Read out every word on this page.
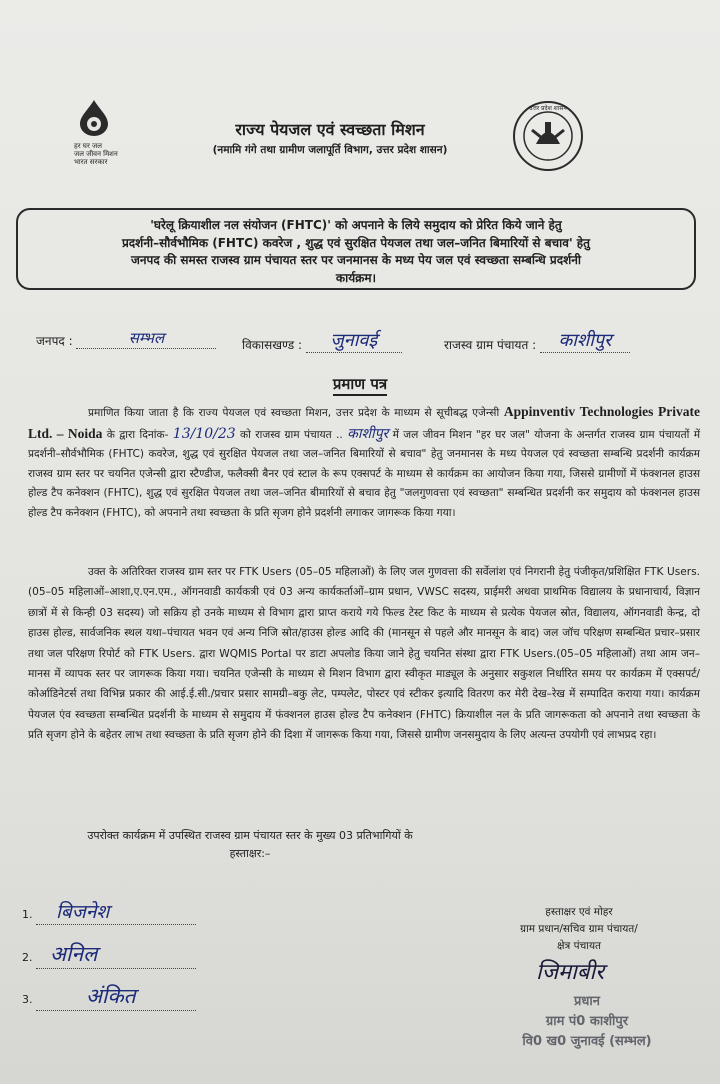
हर घर जल
जल जीवन मिशन
भारत सरकार
राज्य पेयजल एवं स्वच्छता मिशन
(नमामि गंगे तथा ग्रामीण जलापूर्ति विभाग, उत्तर प्रदेश शासन)
उत्तर प्रदेश शासन
'घरेलू क्रियाशील नल संयोजन (FHTC)' को अपनाने के लिये समुदाय को प्रेरित किये जाने हेतु
प्रदर्शनी–सौर्वभौमिक (FHTC) कवरेज , शुद्ध एवं सुरक्षित पेयजल तथा जल–जनित बिमारियों से बचाव' हेतु
जनपद की समस्त राजस्व ग्राम पंचायत स्तर पर जनमानस के मध्य पेय जल एवं स्वच्छता सम्बन्धि प्रदर्शनी
कार्यक्रम।
जनपद :	सम्भल	विकासखण्ड : जुनावई	राजस्व ग्राम पंचायत : काशीपुर
प्रमाण पत्र
प्रमाणित किया जाता है कि राज्य पेयजल एवं स्वच्छता मिशन, उत्तर प्रदेश के माध्यम से सूचीबद्ध एजेन्सी Appinventiv Technologies Private Ltd. – Noida के द्वारा दिनांक- 13/10/23 को राजस्व ग्राम पंचायत .. काशीपुर में जल जीवन मिशन "हर घर जल" योजना के अन्तर्गत राजस्व ग्राम पंचायतों में प्रदर्शनी–सौर्वभौमिक (FHTC) कवरेज, शुद्ध एवं सुरक्षित पेयजल तथा जल–जनित बिमारियों से बचाव" हेतु जनमानस के मध्य पेयजल एवं स्वच्छता सम्बन्धि प्रदर्शनी कार्यक्रम राजस्व ग्राम स्तर पर चयनित एजेन्सी द्वारा स्टैण्डीज, फलैक्सी बैनर एवं स्टाल के रूप एक्सपर्ट के माध्यम से कार्यक्रम का आयोजन किया गया, जिससे ग्रामीणों में फंक्शनल हाउस होल्ड टैप कनेक्शन (FHTC), शुद्ध एवं सुरक्षित पेयजल तथा जल–जनित बीमारियों से बचाव हेतु "जलगुणवत्ता एवं स्वच्छता" सम्बन्धित प्रदर्शनी कर समुदाय को फंक्शनल हाउस होल्ड टैप कनेक्शन (FHTC), को अपनाने तथा स्वच्छता के प्रति सृजग होने प्रदर्शनी लगाकर जागरूक किया गया।
उक्त के अतिरिक्त राजस्व ग्राम स्तर पर FTK Users (05–05 महिलाओं) के लिए जल गुणवत्ता की सर्वेलांश एवं निगरानी हेतु पंजीकृत/प्रशिक्षित FTK Users.(05–05 महिलाओं–आशा,ए.एन.एम., ऑगनवाडी कार्यकत्री एवं 03 अन्य कार्यकर्ताओं–ग्राम प्रधान, VWSC सदस्य, प्राईमरी अथवा प्राथमिक विद्यालय के प्रधानाचार्य, विज्ञान छात्रों में से किन्ही 03 सदस्य) जो सक्रिय हो उनके माध्यम से विभाग द्वारा प्राप्त कराये गये फिल्ड टेस्ट किट के माध्यम से प्रत्येक पेयजल स्रोत, विद्यालय, ऑगनवाडी केन्द्र, दो हाउस होल्ड, सार्वजनिक स्थल यथा–पंचायत भवन एवं अन्य निजि स्रोत/हाउस होल्ड आदि की (मानसून से पहले और मानसून के बाद) जल जॉच परिक्षण सम्बन्धित प्रचार–प्रसार तथा जल परिक्षण रिपोर्ट को FTK Users. द्वारा WQMIS Portal पर डाटा अपलोड किया जाने हेतु चयनित संस्था द्वारा FTK Users.(05–05 महिलाओं) तथा आम जन–मानस में व्यापक स्तर पर जागरूक किया गया। चयनित एजेन्सी के माध्यम से मिशन विभाग द्वारा स्वीकृत माड्यूल के अनुसार सकुशल निर्धारित समय पर कार्यक्रम में एक्सपर्ट/कोर्आडिनेटर्स तथा विभिन्न प्रकार की आई.ई.सी./प्रचार प्रसार सामग्री–बकु लेट, पम्पलेट, पोस्टर एवं स्टीकर इत्यादि वितरण कर मेरी देख–रेख में सम्पादित कराया गया। कार्यक्रम पेयजल एंव स्वच्छता सम्बन्धित प्रदर्शनी के माध्यम से समुदाय में फंक्शनल हाउस होल्ड टैप कनेक्शन (FHTC) क्रियाशील नल के प्रति जागरूकता को अपनाने तथा स्वच्छता के प्रति सृजग होने के बहेतर लाभ तथा स्वच्छता के प्रति सृजग होने की दिशा में जागरूक किया गया, जिससे ग्रामीण जनसमुदाय के लिए अत्यन्त उपयोगी एवं लाभप्रद रहा।
उपरोक्त कार्यक्रम में उपस्थित राजस्व ग्राम पंचायत स्तर के मुख्य 03 प्रतिभागियों के
हस्ताक्षर:–
1. बिजनेश
2. अनिल
3.	अंकित
हस्ताक्षर एवं मोहर
ग्राम प्रधान/सचिव ग्राम पंचायत/
क्षेत्र पंचायत
जिमाबीर
प्रधान
ग्राम पं0 काशीपुर
वि0 ख0 जुनावई (सम्भल)
